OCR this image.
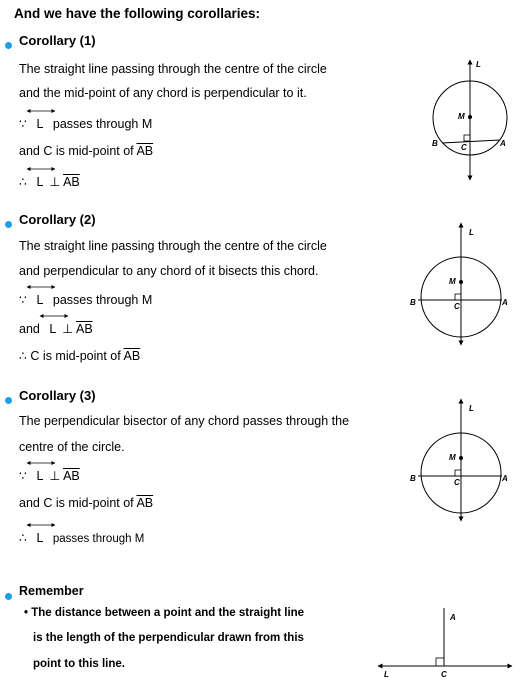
And we have the following corollaries:
Corollary (1)
The straight line passing through the centre of the circle
and the mid-point of any chord is perpendicular to it.
∵ L passes through M
and C is mid-point of $\overline{AB}$
∴ L ⊥ $\overline{AB}$
L
M
B	A
C
Corollary (2)
The straight line passing through the centre of the circle
and perpendicular to any chord of it bisects this chord.
∵ L passes through M
and L ⊥ $\overline{AB}$
∴ C is mid-point of $\overline{AB}$
L
M
B	A
C
Corollary (3)
The perpendicular bisector of any chord passes through the
centre of the circle.
∵ L ⊥ $\overline{AB}$
and C is mid-point of $\overline{AB}$
∴ L passes through M
L
M
B	A
C
Remember
• The distance between a point and the straight line
is the length of the perpendicular drawn from this
point to this line.
A
L	C
